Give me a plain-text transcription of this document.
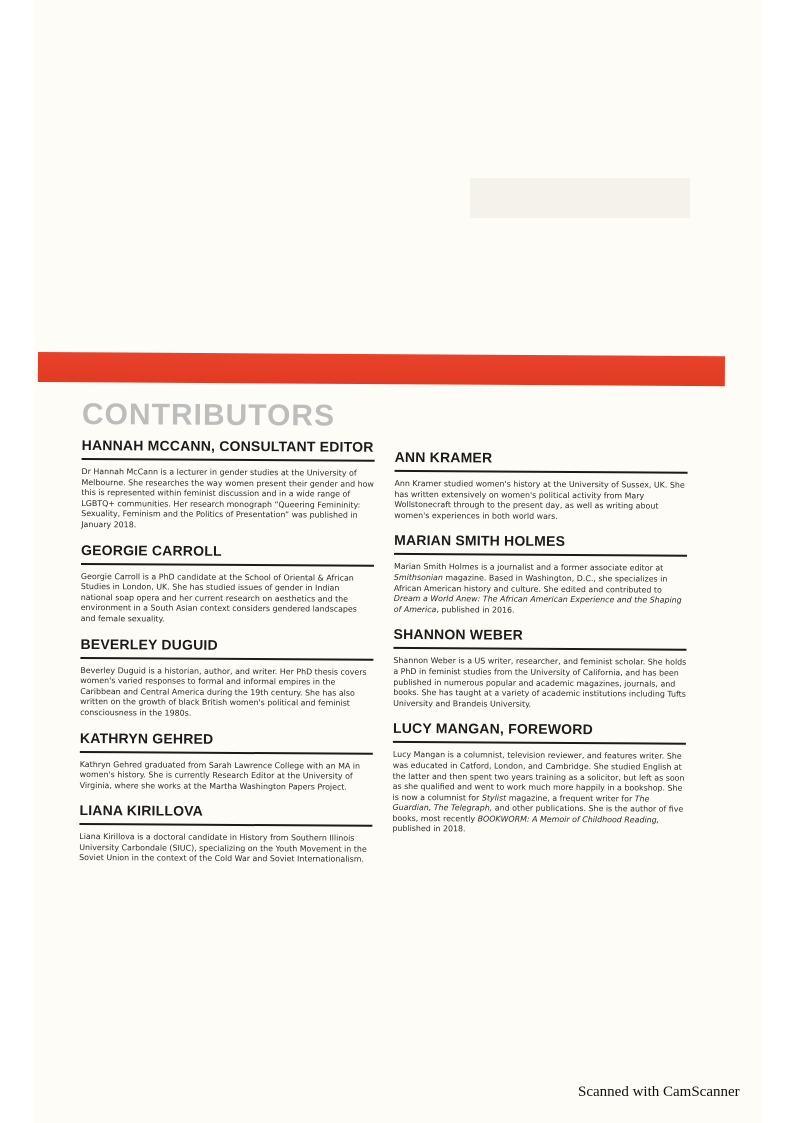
CONTRIBUTORS
HANNAH MCCANN, CONSULTANT EDITOR

Dr Hannah McCann is a lecturer in gender studies at the University of Melbourne. She researches the way women present their gender and how this is represented within feminist discussion and in a wide range of LGBTQ+ communities. Her research monograph “Queering Femininity: Sexuality, Feminism and the Politics of Presentation” was published in January 2018.

GEORGIE CARROLL

Georgie Carroll is a PhD candidate at the School of Oriental & African Studies in London, UK. She has studied issues of gender in Indian national soap opera and her current research on aesthetics and the environment in a South Asian context considers gendered landscapes and female sexuality.

BEVERLEY DUGUID

Beverley Duguid is a historian, author, and writer. Her PhD thesis covers women's varied responses to formal and informal empires in the Caribbean and Central America during the 19th century. She has also written on the growth of black British women's political and feminist consciousness in the 1980s.

KATHRYN GEHRED

Kathryn Gehred graduated from Sarah Lawrence College with an MA in women's history. She is currently Research Editor at the University of Virginia, where she works at the Martha Washington Papers Project.

LIANA KIRILLOVA

Liana Kirillova is a doctoral candidate in History from Southern Illinois University Carbondale (SIUC), specializing on the Youth Movement in the Soviet Union in the context of the Cold War and Soviet Internationalism.

ANN KRAMER

Ann Kramer studied women's history at the University of Sussex, UK. She has written extensively on women's political activity from Mary Wollstonecraft through to the present day, as well as writing about women's experiences in both world wars.

MARIAN SMITH HOLMES

Marian Smith Holmes is a journalist and a former associate editor at Smithsonian magazine. Based in Washington, D.C., she specializes in African American history and culture. She edited and contributed to Dream a World Anew: The African American Experience and the Shaping of America, published in 2016.

SHANNON WEBER

Shannon Weber is a US writer, researcher, and feminist scholar. She holds a PhD in feminist studies from the University of California, and has been published in numerous popular and academic magazines, journals, and books. She has taught at a variety of academic institutions including Tufts University and Brandeis University.

LUCY MANGAN, FOREWORD

Lucy Mangan is a columnist, television reviewer, and features writer. She was educated in Catford, London, and Cambridge. She studied English at the latter and then spent two years training as a solicitor, but left as soon as she qualified and went to work much more happily in a bookshop. She is now a columnist for Stylist magazine, a frequent writer for The Guardian, The Telegraph, and other publications. She is the author of five books, most recently BOOKWORM: A Memoir of Childhood Reading, published in 2018.

Scanned with CamScanner
